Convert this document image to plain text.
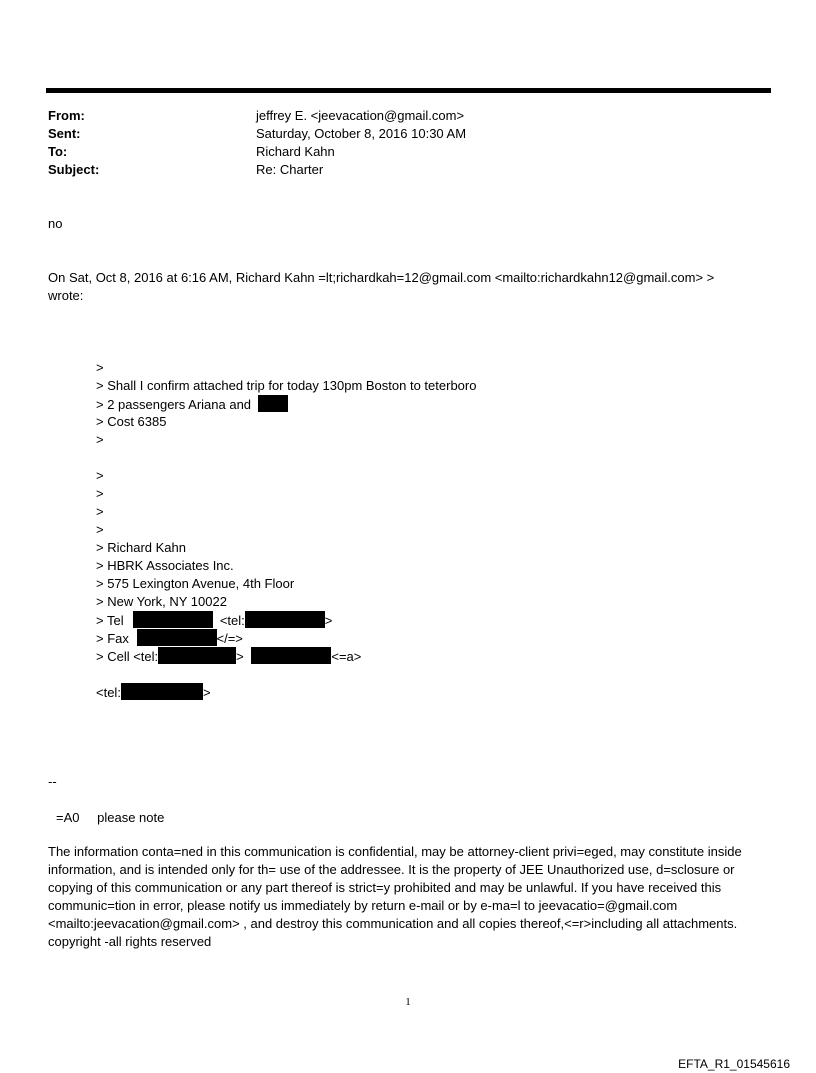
From:	jeffrey E. <jeevacation@gmail.com>
Sent:	Saturday, October 8, 2016 10:30 AM
To:	Richard Kahn
Subject:	Re: Charter
no
On Sat, Oct 8, 2016 at 6:16 AM, Richard Kahn =lt;richardkah=12@gmail.com <mailto:richardkahn12@gmail.com> >
wrote:
>
> Shall I confirm attached trip for today 130pm Boston to teterboro
> 2 passengers Ariana and
> Cost 6385
>
>
>
>
>
> Richard Kahn
> HBRK Associates Inc.
> 575 Lexington Avenue, 4th Floor
> New York, NY 10022
> Tel	<tel:	>
> Fax	</=>
> Cell <tel:	>	<=a>
<tel:	>
--
=A0 please note
The information conta=ned in this communication is confidential, may be attorney-client privi=eged, may constitute inside information, and is intended only for th= use of the addressee. It is the property of JEE Unauthorized use, d=sclosure or copying of this communication or any part thereof is strict=y prohibited and may be unlawful. If you have received this communic=tion in error, please notify us immediately by return e-mail or by e-ma=l to jeevacatio=@gmail.com <mailto:jeevacation@gmail.com> , and destroy this communication and all copies thereof,<=r>including all attachments. copyright -all rights reserved
1
EFTA_R1_01545616
